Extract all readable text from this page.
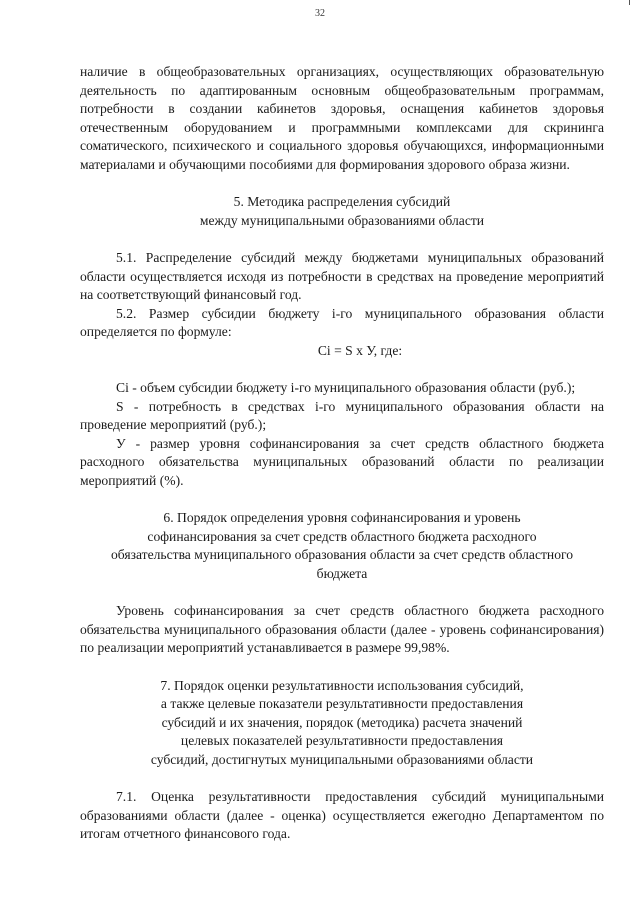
32

наличие в общеобразовательных организациях, осуществляющих образовательную деятельность по адаптированным основным общеобразовательным программам, потребности в создании кабинетов здоровья, оснащения кабинетов здоровья отечественным оборудованием и программными комплексами для скрининга соматического, психического и социального здоровья обучающихся, информационными материалами и обучающими пособиями для формирования здорового образа жизни.

5. Методика распределения субсидий
между муниципальными образованиями области

5.1. Распределение субсидий между бюджетами муниципальных образований области осуществляется исходя из потребности в средствах на проведение мероприятий на соответствующий финансовый год.

5.2. Размер субсидии бюджету i-го муниципального образования области определяется по формуле:

Ci = S x У, где:

Ci - объем субсидии бюджету i-го муниципального образования области (руб.);

S - потребность в средствах i-го муниципального образования области на проведение мероприятий (руб.);

У - размер уровня софинансирования за счет средств областного бюджета расходного обязательства муниципальных образований области по реализации мероприятий (%).

6. Порядок определения уровня софинансирования и уровень
софинансирования за счет средств областного бюджета расходного
обязательства муниципального образования области за счет средств областного
бюджета

Уровень софинансирования за счет средств областного бюджета расходного обязательства муниципального образования области (далее - уровень софинансирования) по реализации мероприятий устанавливается в размере 99,98%.

7. Порядок оценки результативности использования субсидий,
а также целевые показатели результативности предоставления
субсидий и их значения, порядок (методика) расчета значений
целевых показателей результативности предоставления
субсидий, достигнутых муниципальными образованиями области

7.1. Оценка результативности предоставления субсидий муниципальными образованиями области (далее - оценка) осуществляется ежегодно Департаментом по итогам отчетного финансового года.
